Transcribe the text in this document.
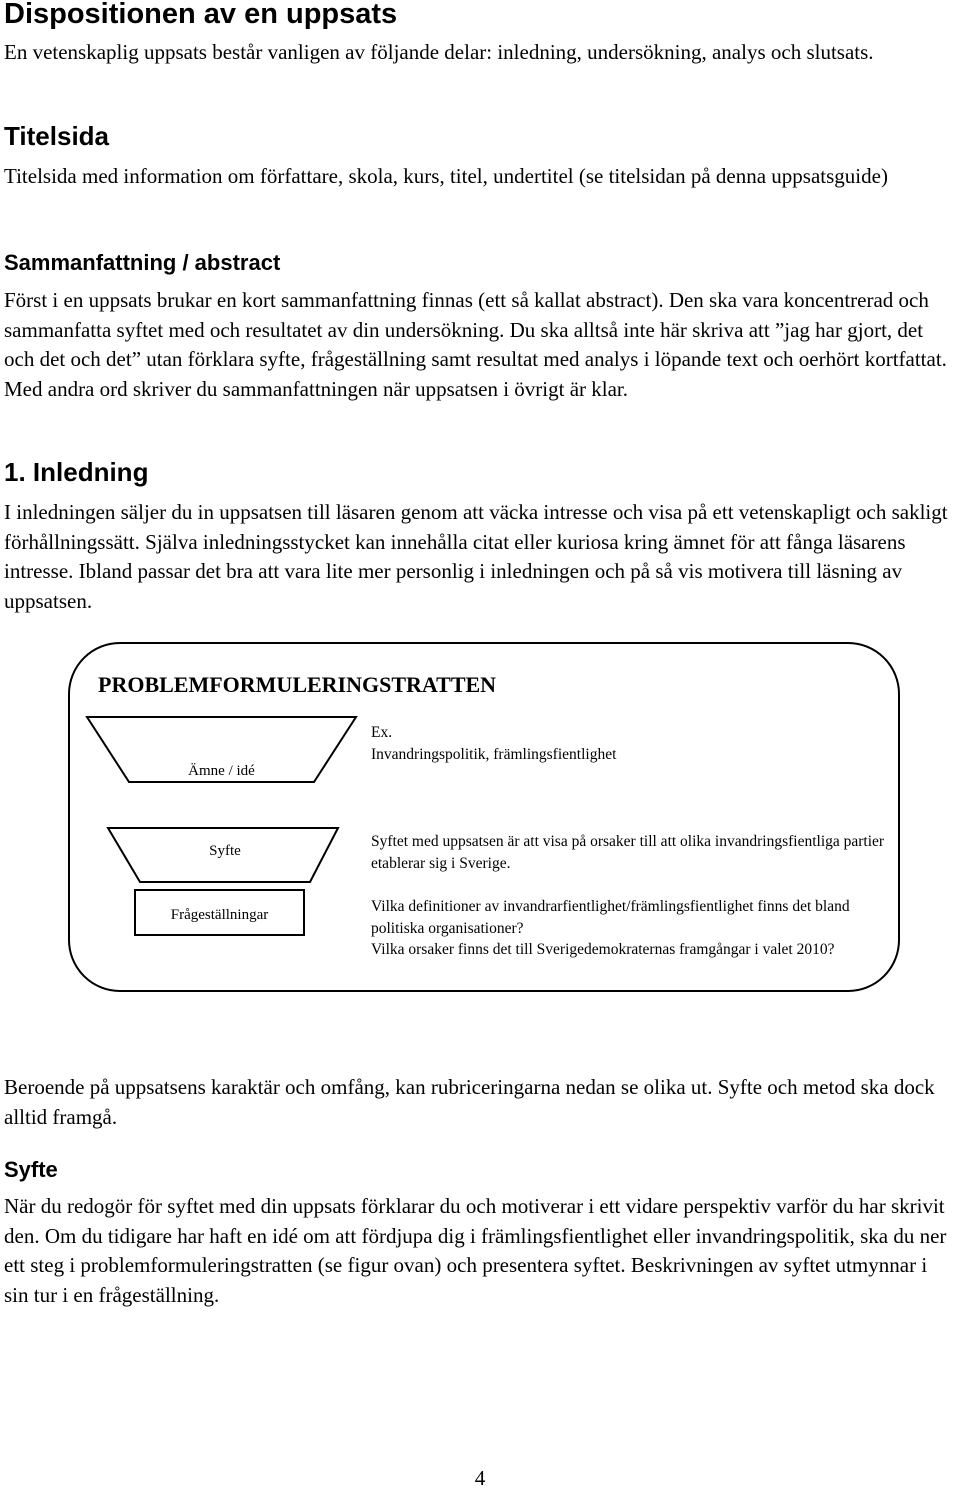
Dispositionen av en uppsats

En vetenskaplig uppsats består vanligen av följande delar: inledning, undersökning, analys och slutsats.

Titelsida

Titelsida med information om författare, skola, kurs, titel, undertitel (se titelsidan på denna uppsatsguide)

Sammanfattning / abstract

Först i en uppsats brukar en kort sammanfattning finnas (ett så kallat abstract). Den ska vara koncentrerad och sammanfatta syftet med och resultatet av din undersökning. Du ska alltså inte här skriva att ”jag har gjort, det och det och det” utan förklara syfte, frågeställning samt resultat med analys i löpande text och oerhört kortfattat. Med andra ord skriver du sammanfattningen när uppsatsen i övrigt är klar.

1. Inledning

I inledningen säljer du in uppsatsen till läsaren genom att väcka intresse och visa på ett vetenskapligt och sakligt förhållningssätt. Själva inledningsstycket kan innehålla citat eller kuriosa kring ämnet för att fånga läsarens intresse. Ibland passar det bra att vara lite mer personlig i inledningen och på så vis motivera till läsning av uppsatsen.

PROBLEMFORMULERINGSTRATTEN
Ämne / idé
Syfte
Frågeställningar
Ex.
Invandringspolitik, främlingsfientlighet
Syftet med uppsatsen är att visa på orsaker till att olika invandringsfientliga partier etablerar sig i Sverige.
Vilka definitioner av invandrarfientlighet/främlingsfientlighet finns det bland politiska organisationer?
Vilka orsaker finns det till Sverigedemokraternas framgångar i valet 2010?

Beroende på uppsatsens karaktär och omfång, kan rubriceringarna nedan se olika ut. Syfte och metod ska dock alltid framgå.

Syfte

När du redogör för syftet med din uppsats förklarar du och motiverar i ett vidare perspektiv varför du har skrivit den. Om du tidigare har haft en idé om att fördjupa dig i främlingsfientlighet eller invandringspolitik, ska du ner ett steg i problemformuleringstratten (se figur ovan) och presentera syftet. Beskrivningen av syftet utmynnar i sin tur i en frågeställning.

4
